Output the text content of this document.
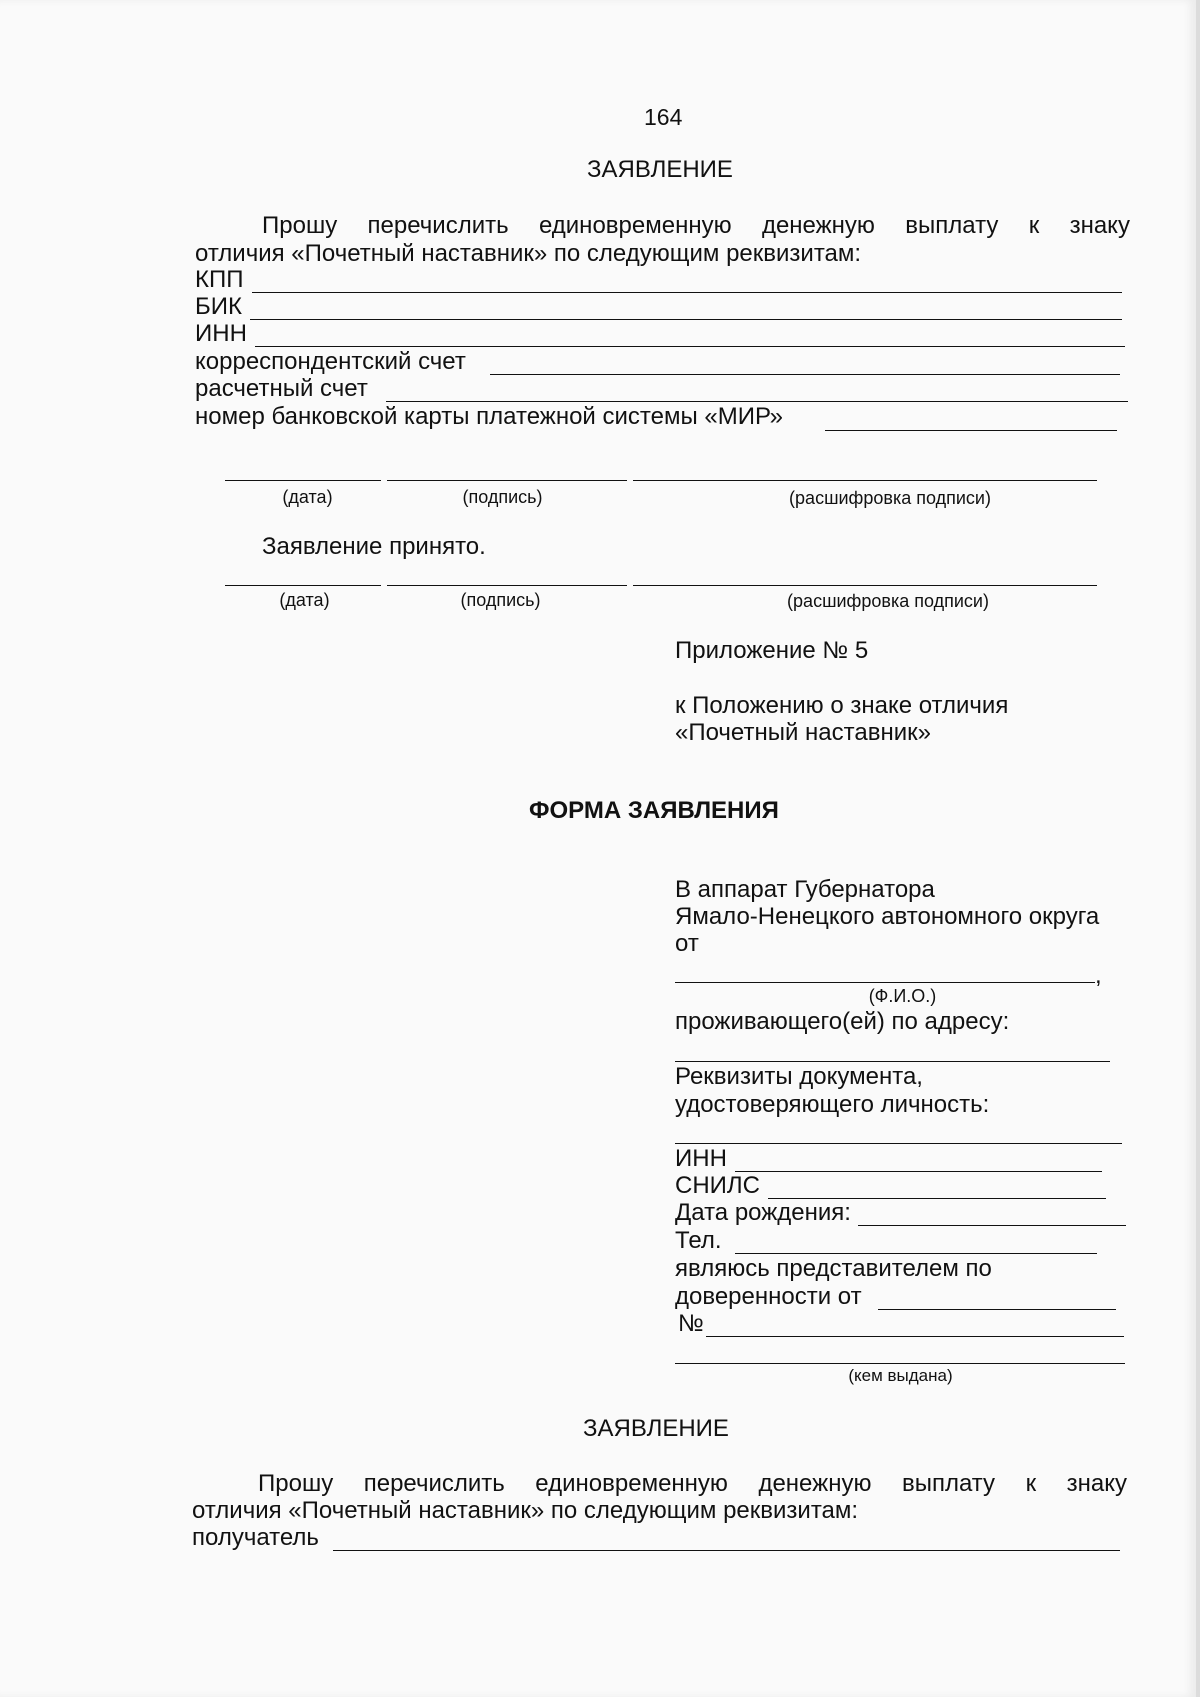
164
ЗАЯВЛЕНИЕ
Прошу перечислить единовременную денежную выплату к знаку
отличия «Почетный наставник» по следующим реквизитам:
КПП
БИК
ИНН
корреспондентский счет
расчетный счет
номер банковской карты платежной системы «МИР»
(дата)	(подпись)	(расшифровка подписи)
Заявление принято.
(дата)	(подпись)	(расшифровка подписи)
Приложение № 5
к Положению о знаке отличия
«Почетный наставник»
ФОРМА ЗАЯВЛЕНИЯ
В аппарат Губернатора
Ямало-Ненецкого автономного округа
от
,
(Ф.И.О.)
проживающего(ей) по адресу:
Реквизиты документа,
удостоверяющего личность:
ИНН
СНИЛС
Дата рождения:
Тел.
являюсь представителем по
доверенности от
№
(кем выдана)
ЗАЯВЛЕНИЕ
Прошу перечислить единовременную денежную выплату к знаку
отличия «Почетный наставник» по следующим реквизитам:
получатель
